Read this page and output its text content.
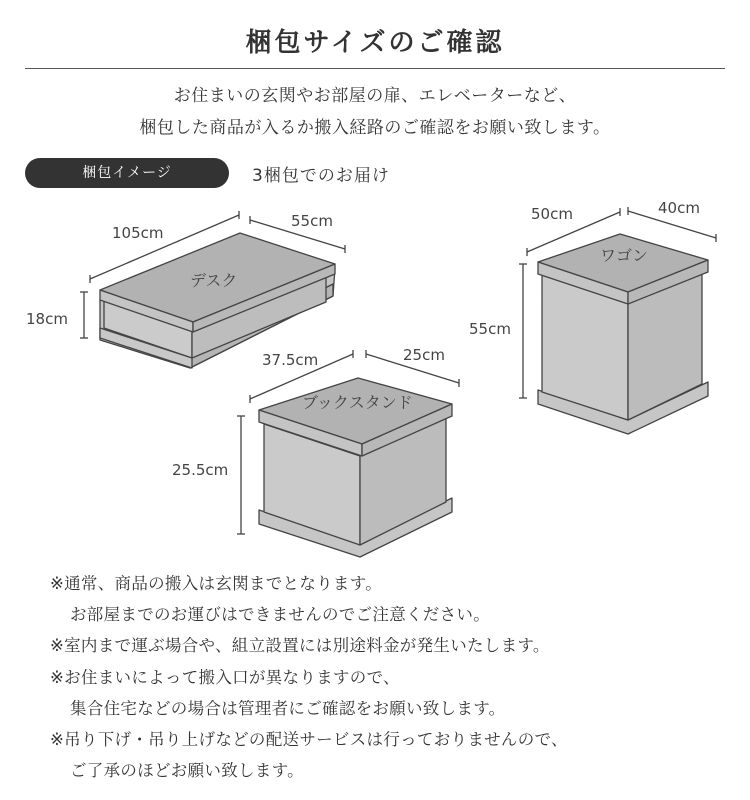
梱包サイズのご確認
お住まいの玄関やお部屋の扉、エレベーターなど、
梱包した商品が入るか搬入経路のご確認をお願い致します。
梱包イメージ	3梱包でのお届け
105cm
55cm
18cm
デスク
50cm	40cm
55cm
ワゴン
37.5cm	25cm
25.5cm
ブックスタンド
※通常、商品の搬入は玄関までとなります。
お部屋までのお運びはできませんのでご注意ください。
※室内まで運ぶ場合や、組立設置には別途料金が発生いたします。
※お住まいによって搬入口が異なりますので、
集合住宅などの場合は管理者にご確認をお願い致します。
※吊り下げ・吊り上げなどの配送サービスは行っておりませんので、
ご了承のほどお願い致します。
